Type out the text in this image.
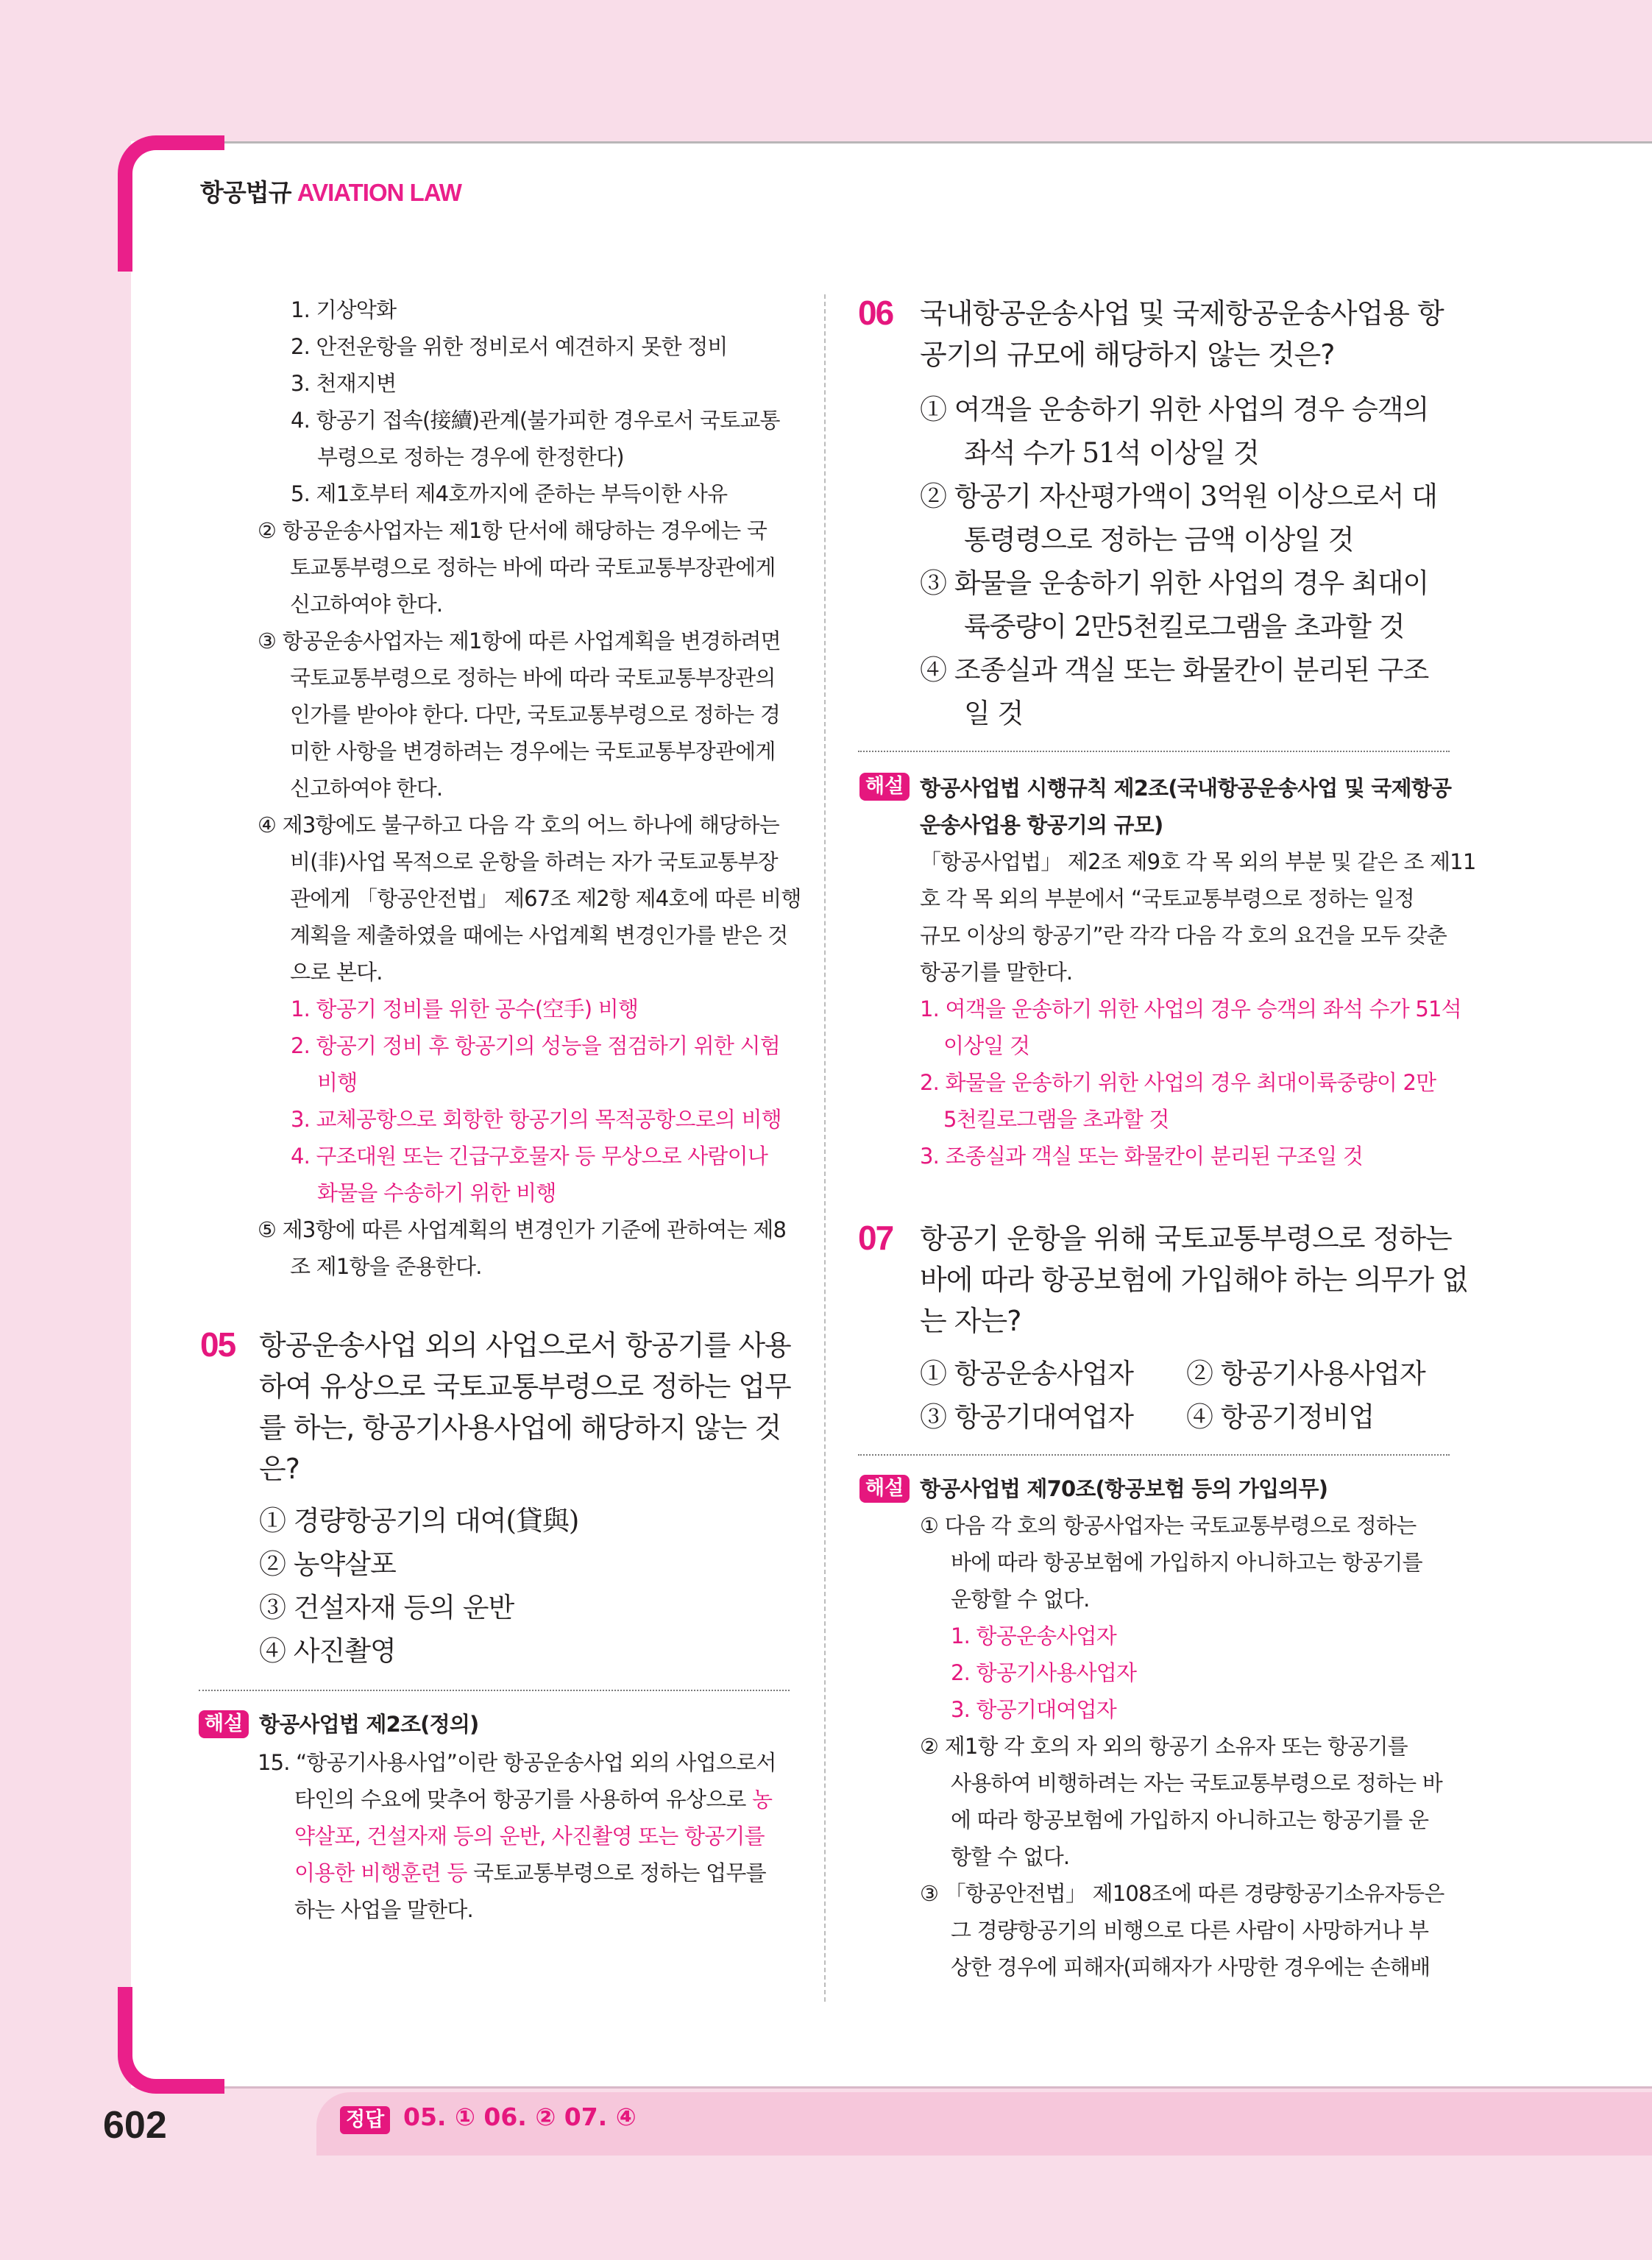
항공법규 AVIATION LAW
1. 기상악화
2. 안전운항을 위한 정비로서 예견하지 못한 정비
3. 천재지변
4. 항공기 접속(接續)관계(불가피한 경우로서 국토교통
부령으로 정하는 경우에 한정한다)
5. 제1호부터 제4호까지에 준하는 부득이한 사유
② 항공운송사업자는 제1항 단서에 해당하는 경우에는 국
토교통부령으로 정하는 바에 따라 국토교통부장관에게
신고하여야 한다.
③ 항공운송사업자는 제1항에 따른 사업계획을 변경하려면
국토교통부령으로 정하는 바에 따라 국토교통부장관의
인가를 받아야 한다. 다만, 국토교통부령으로 정하는 경
미한 사항을 변경하려는 경우에는 국토교통부장관에게
신고하여야 한다.
④ 제3항에도 불구하고 다음 각 호의 어느 하나에 해당하는
비(非)사업 목적으로 운항을 하려는 자가 국토교통부장
관에게 「항공안전법」 제67조 제2항 제4호에 따른 비행
계획을 제출하였을 때에는 사업계획 변경인가를 받은 것
으로 본다.
1. 항공기 정비를 위한 공수(空手) 비행
2. 항공기 정비 후 항공기의 성능을 점검하기 위한 시험
비행
3. 교체공항으로 회항한 항공기의 목적공항으로의 비행
4. 구조대원 또는 긴급구호물자 등 무상으로 사람이나
화물을 수송하기 위한 비행
⑤ 제3항에 따른 사업계획의 변경인가 기준에 관하여는 제8
조 제1항을 준용한다.
05 항공운송사업 외의 사업으로서 항공기를 사용
하여 유상으로 국토교통부령으로 정하는 업무
를 하는, 항공기사용사업에 해당하지 않는 것
은?
① 경량항공기의 대여(貸與)
② 농약살포
③ 건설자재 등의 운반
④ 사진촬영
해설 항공사업법 제2조(정의)
15. “항공기사용사업”이란 항공운송사업 외의 사업으로서
타인의 수요에 맞추어 항공기를 사용하여 유상으로 농
약살포, 건설자재 등의 운반, 사진촬영 또는 항공기를
이용한 비행훈련 등 국토교통부령으로 정하는 업무를
하는 사업을 말한다.
06 국내항공운송사업 및 국제항공운송사업용 항
공기의 규모에 해당하지 않는 것은?
① 여객을 운송하기 위한 사업의 경우 승객의
좌석 수가 51석 이상일 것
② 항공기 자산평가액이 3억원 이상으로서 대
통령령으로 정하는 금액 이상일 것
③ 화물을 운송하기 위한 사업의 경우 최대이
륙중량이 2만5천킬로그램을 초과할 것
④ 조종실과 객실 또는 화물칸이 분리된 구조
일 것
해설 항공사업법 시행규칙 제2조(국내항공운송사업 및 국제항공
운송사업용 항공기의 규모)
「항공사업법」 제2조 제9호 각 목 외의 부분 및 같은 조 제11
호 각 목 외의 부분에서 “국토교통부령으로 정하는 일정
규모 이상의 항공기”란 각각 다음 각 호의 요건을 모두 갖춘
항공기를 말한다.
1. 여객을 운송하기 위한 사업의 경우 승객의 좌석 수가 51석
이상일 것
2. 화물을 운송하기 위한 사업의 경우 최대이륙중량이 2만
5천킬로그램을 초과할 것
3. 조종실과 객실 또는 화물칸이 분리된 구조일 것
07 항공기 운항을 위해 국토교통부령으로 정하는
바에 따라 항공보험에 가입해야 하는 의무가 없
는 자는?
① 항공운송사업자 ② 항공기사용사업자
③ 항공기대여업자 ④ 항공기정비업
해설 항공사업법 제70조(항공보험 등의 가입의무)
① 다음 각 호의 항공사업자는 국토교통부령으로 정하는
바에 따라 항공보험에 가입하지 아니하고는 항공기를
운항할 수 없다.
1. 항공운송사업자
2. 항공기사용사업자
3. 항공기대여업자
② 제1항 각 호의 자 외의 항공기 소유자 또는 항공기를
사용하여 비행하려는 자는 국토교통부령으로 정하는 바
에 따라 항공보험에 가입하지 아니하고는 항공기를 운
항할 수 없다.
③ 「항공안전법」 제108조에 따른 경량항공기소유자등은
그 경량항공기의 비행으로 다른 사람이 사망하거나 부
상한 경우에 피해자(피해자가 사망한 경우에는 손해배
602	정답 05. ① 06. ② 07. ④
